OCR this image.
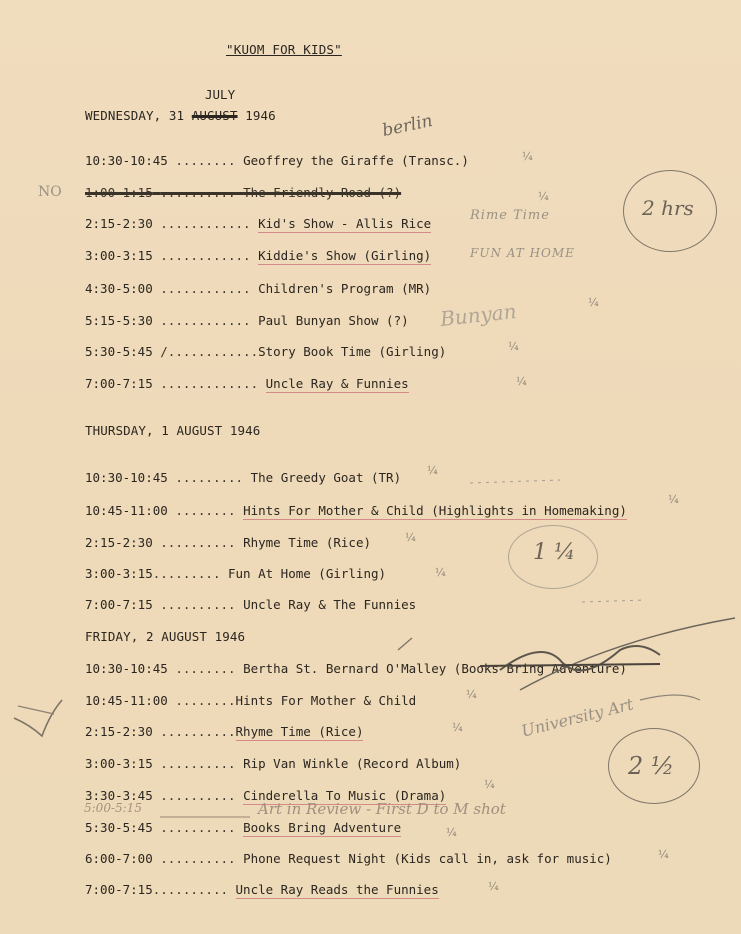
"KUOM FOR KIDS"
JULY
WEDNESDAY, 31 AUGUST 1946
10:30-10:45 ........ Geoffrey the Giraffe (Transc.)
1:00-1:15 .......... The Friendly Road (?)
2:15-2:30 ............ Kid's Show - Allis Rice
3:00-3:15 ............ Kiddie's Show (Girling)
4:30-5:00 ............ Children's Program (MR)
5:15-5:30 ............ Paul Bunyan Show (?)
5:30-5:45 /............Story Book Time (Girling)
7:00-7:15 ............. Uncle Ray & Funnies
THURSDAY, 1 AUGUST 1946
10:30-10:45 ......... The Greedy Goat (TR)
10:45-11:00 ........ Hints For Mother & Child (Highlights in Homemaking)
2:15-2:30 .......... Rhyme Time (Rice)
3:00-3:15......... Fun At Home (Girling)
7:00-7:15 .......... Uncle Ray & The Funnies
FRIDAY, 2 AUGUST 1946
10:30-10:45 ........ Bertha St. Bernard O'Malley (Books Bring Adventure)
10:45-11:00 ........Hints For Mother & Child
2:15-2:30 ..........Rhyme Time (Rice)
3:00-3:15 .......... Rip Van Winkle (Record Album)
3:30-3:45 .......... Cinderella To Music (Drama)
5:30-5:45 .......... Books Bring Adventure
6:00-7:00 .......... Phone Request Night (Kids call in, ask for music)
7:00-7:15.......... Uncle Ray Reads the Funnies
NO
berlin
Rime Time
FUN AT HOME
Bunyan
University Art
5:00-5:15	Art in Review - First D to M shot
2 hrs
1 ¼
2 ½
¼
¼
¼
¼
¼
¼
¼
¼
¼
¼
¼
¼
¼
¼
¼
